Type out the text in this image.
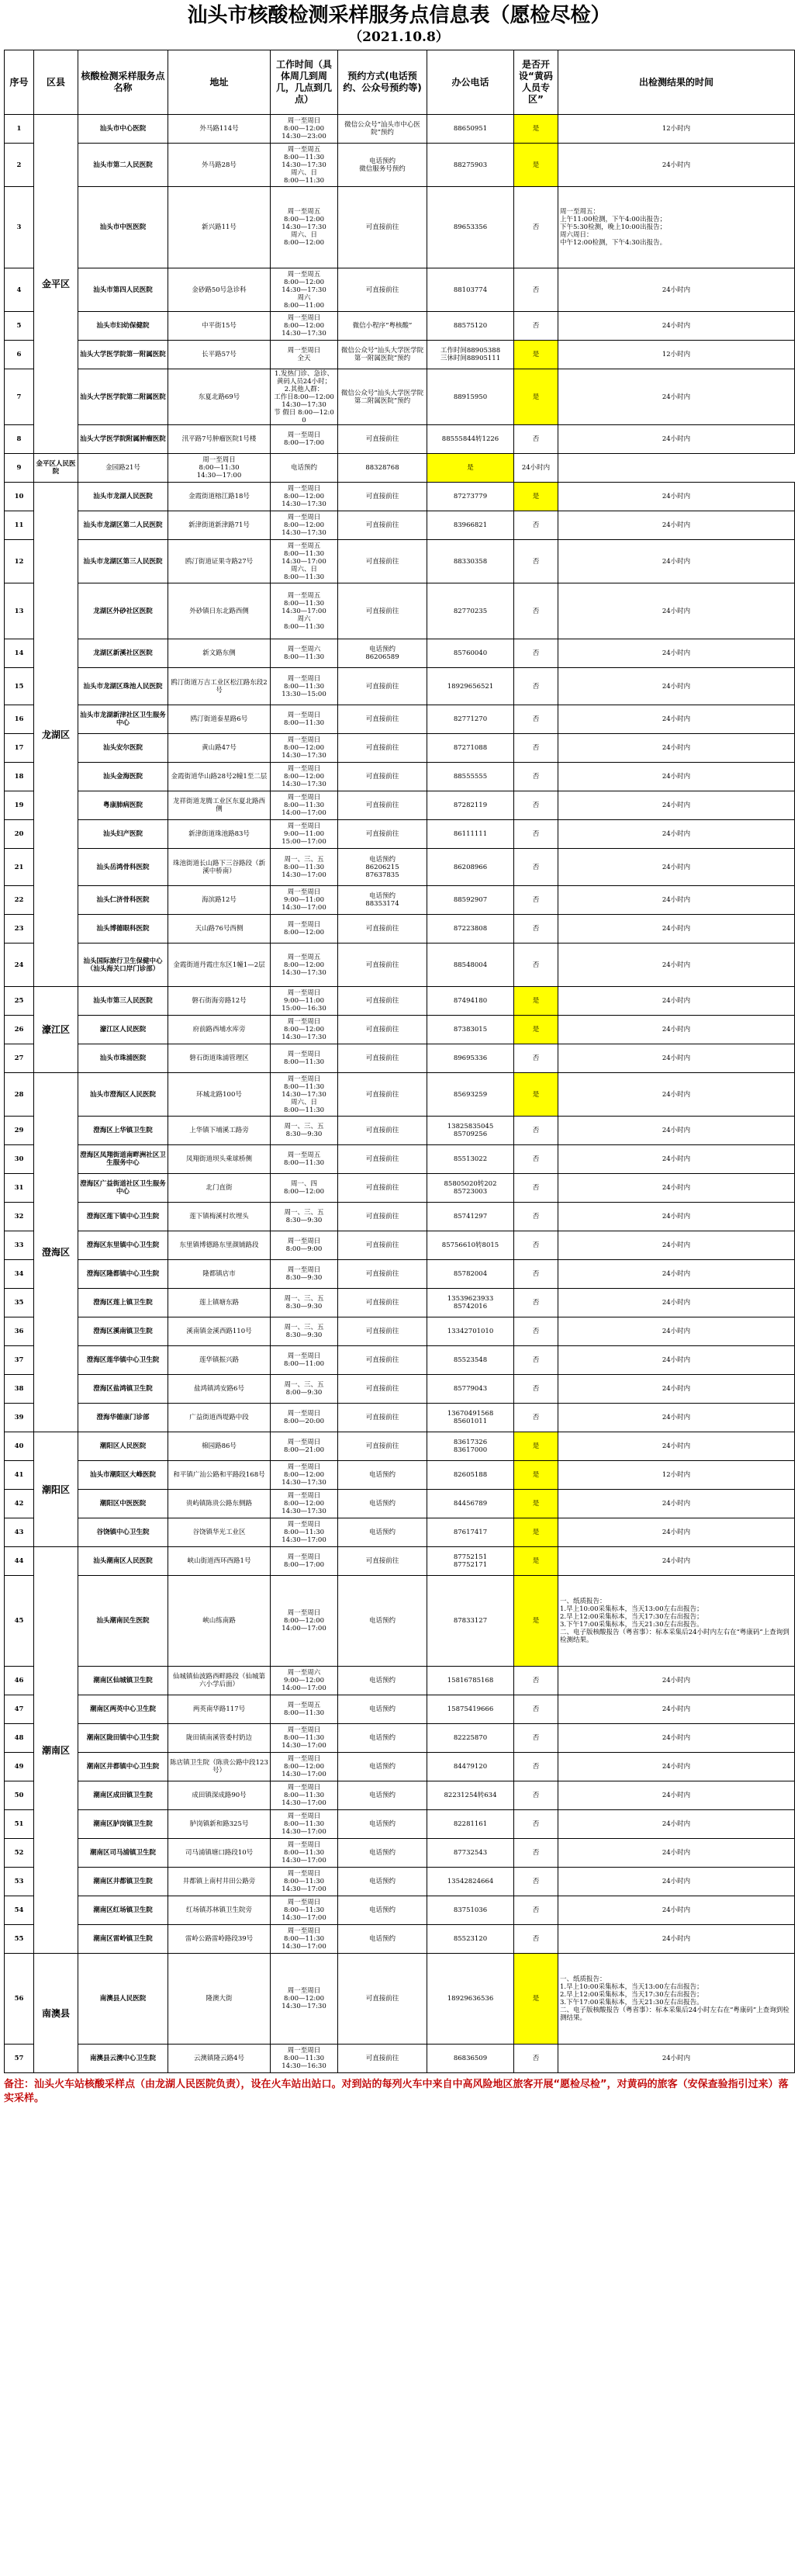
汕头市核酸检测采样服务点信息表（愿检尽检）
（2021.10.8）
序号	区县	核酸检测采样服务点名称	地址	工作时间（具体周几到周几，几点到几点）	预约方式(电话预约、公众号预约等)	办公电话	是否开设“黄码人员专区”	出检测结果的时间
1	金平区	汕头市中心医院	外马路114号	周一至周日
8:00—12:00
14:30—23:00	微信公众号“汕头市中心医院”预约	88650951	是	12小时内
2		汕头市第二人民医院	外马路28号	周一至周五
8:00—11:30
14:30—17:30
周六、日
8:00—11:30	电话预约
微信服务号预约	88275903	是	24小时内
3		汕头市中医医院	新兴路11号	周一至周五
8:00—12:00
14:30—17:30
周六、日
8:00—12:00	可直接前往	89653356	否	周一至周五：
上午11:00检测，下午4:00出报告；
下午5:30检测，晚上10:00出报告；
周六周日：
中午12:00检测，下午4:30出报告。
4		汕头市第四人民医院	金砂路50号急诊科	周一至周五
8:00—12:00
14:30—17:30
周六
8:00—11:00	可直接前往	88103774	否	24小时内
5		汕头市妇幼保健院	中平街15号	周一至周日
8:00—12:00
14:30—17:30	微信小程序“粤核酸”	88575120	否	24小时内
6		汕头大学医学院第一附属医院	长平路57号	周一至周日
全天	微信公众号“汕头大学医学院第一附属医院”预约	工作时间88905388
三休时间88905111	是	12小时内
7		汕头大学医学院第二附属医院	东夏北路69号	1.发热门诊、急诊、黄码人员24小时；
2.其他人群：
工作日8:00—12:00 14:30—17:30
节 假日 8:00—12:00	微信公众号“汕头大学医学院第二附属医院”预约	88915950	是	24小时内
8		汕头大学医学院附属肿瘤医院	汛平路7号肿瘤医院1号楼	周一至周日
8:00—17:00	可直接前往	88555844转1226	否	24小时内
9	金平区人民医院	金园路21号	周一至周日
8:00—11:30
14:30—17:00	电话预约	88328768	是	24小时内	
10	龙湖区	汕头市龙湖人民医院	金霞街道榕江路18号	周一至周日
8:00—12:00
14:30—17:30	可直接前往	87273779	是	24小时内
11		汕头市龙湖区第二人民医院	新津街道新津路71号	周一至周日
8:00—12:00
14:30—17:30	可直接前往	83966821	否	24小时内
12		汕头市龙湖区第三人民医院	鸥汀街道证果寺路27号	周一至周五
8:00—11:30
14:30—17:00
周六、日
8:00—11:30	可直接前往	88330358	否	24小时内
13		龙湖区外砂社区医院	外砂镇日东北路西侧	周一至周五
8:00—11:30
14:30—17:00
周六
8:00—11:30	可直接前往	82770235	否	24小时内
14		龙湖区新溪社区医院	新文路东侧	周一至周六
8:00—11:30	电话预约
86206589	85760040	否	24小时内
15		汕头市龙湖区珠池人民医院	鸥汀街道万吉工业区松江路东段2号	周一至周日
8:00—11:30
13:30—15:00	可直接前往	18929656521	否	24小时内
16		汕头市龙湖新津社区卫生服务中心	鸥汀街道泰星路6号	周一至周日
8:00—11:30	可直接前往	82771270	否	24小时内
17		汕头安尔医院	黄山路47号	周一至周日
8:00—12:00
14:30—17:30	可直接前往	87271088	否	24小时内
18		汕头金海医院	金霞街道华山路28号2幢1至二层	周一至周日
8:00—12:00
14:30—17:30	可直接前往	88555555	否	24小时内
19		粤康肺病医院	龙祥街道龙腾工业区东夏北路西侧	周一至周日
8:00—11:30
14:00—17:00	可直接前往	87282119	否	24小时内
20		汕头妇产医院	新津街道珠池路83号	周一至周日
9:00—11:00
15:00—17:00	可直接前往	86111111	否	24小时内
21		汕头岳鸿骨科医院	珠池街道长山路下三谷路段（新溪中桥南）	周一、三、五
8:00—11:30
14:30—17:00	电话预约
86206215
87637835	86208966	否	24小时内
22		汕头仁济骨科医院	海滨路12号	周一至周日
9:00—11:00
14:30—17:00	电话预约
88353174	88592907	否	24小时内
23		汕头博德眼科医院	天山路76号西侧	周一至周日
8:00—12:00	可直接前往	87223808	否	24小时内
24		汕头国际旅行卫生保健中心（汕头海关口岸门诊部）	金霞街道丹霞庄东区1幢1—2层	周一至周五
8:00—12:00
14:30—17:30	可直接前往	88548004	否	24小时内
25	濠江区	汕头市第三人民医院	磐石街海旁路12号	周一至周日
9:00—11:00
15:00—16:30	可直接前往	87494180	是	24小时内
26		濠江区人民医院	府前路西埔水库旁	周一至周日
8:00—12:00
14:30—17:30	可直接前往	87383015	是	24小时内
27		汕头市珠浦医院	磐石街道珠浦管理区	周一至周日
8:00—11:30	可直接前往	89695336	否	24小时内
28	澄海区	汕头市澄海区人民医院	环城北路100号	周一至周日
8:00—11:30
14:30—17:30
周六、日
8:00—11:30	可直接前往	85693259	是	24小时内
29		澄海区上华镇卫生院	上华镇下埔溪工路旁	周一、三、五
8:30—9:30	可直接前往	13825835045
85709256	否	24小时内
30		澄海区凤翔街道南畔洲社区卫生服务中心	凤翔街道坝头乘球桥侧	周一至周五
8:00—11:30	可直接前往	85513022	否	24小时内
31		澄海区广益街道社区卫生服务中心	北门直街	周一、四
8:00—12:00	可直接前往	85805020转202
85723003	否	24小时内
32		澄海区莲下镇中心卫生院	莲下镇梅溪村坎埋头	周一、三、五
8:30—9:30	可直接前往	85741297	否	24小时内
33		澄海区东里镇中心卫生院	东里镇博德路东里颜铺路段	周一至周日
8:00—9:00	可直接前往	85756610转8015	否	24小时内
34		澄海区隆都镇中心卫生院	隆都镇店市	周一至周日
8:30—9:30	可直接前往	85782004	否	24小时内
35		澄海区莲上镇卫生院	莲上镇塘东路	周一、三、五
8:30—9:30	可直接前往	13539623933
85742016	否	24小时内
36		澄海区溪南镇卫生院	溪南镇金溪西路110号	周一、三、五
8:30—9:30	可直接前往	13342701010	否	24小时内
37		澄海区莲华镇中心卫生院	莲华镇振兴路	周一至周日
8:00—11:00	可直接前往	85523548	否	24小时内
38		澄海区盐鸿镇卫生院	盐鸿镇鸿安路6号	周一、三、五
8:00—9:30	可直接前往	85779043	否	24小时内
39		澄海华德康门诊部	广益街道西堤路中段	周一至周日
8:00—20:00	可直接前往	13670491568
85601011	否	24小时内
40	潮阳区	潮阳区人民医院	棉园路86号	周一至周日
8:00—21:00	可直接前往	83617326
83617000	是	24小时内
41		汕头市潮阳区大峰医院	和平镇广汕公路和平路段168号	周一至周日
8:00—12:00
14:30—17:30	电话预约	82605188	是	12小时内
42		潮阳区中医医院	贵屿镇陈贵公路东侧路	周一至周日
8:00—12:00
14:30—17:30	电话预约	84456789	是	24小时内
43		谷饶镇中心卫生院	谷饶镇华光工业区	周一至周日
8:00—11:30
14:30—17:00	电话预约	87617417	是	24小时内
44	潮南区	汕头潮南区人民医院	峡山街道西环西路1号	周一至周日
8:00—17:00	可直接前往	87752151
87752171	是	24小时内
45		汕头潮南民生医院	峡山练南路	周一至周日
8:00—12:00
14:00—17:00	电话预约	87833127	是	一、纸质报告：
1.早上10:00采集标本，当天13:00左右出报告；
2.早上12:00采集标本，当天17:30左右出报告；
3.下午17:00采集标本，当天21:30左右出报告。
二、电子版核酸报告（粤省事）：标本采集后24小时内左右在“粤康码”上查询到检测结果。
46		潮南区仙城镇卫生院	仙城镇仙波路西畔路段（仙城第六小学后面）	周一至周六
9:00—12:00
14:00—17:00	电话预约	15816785168	否	24小时内
47		潮南区两英中心卫生院	两英南华路117号	周一至周五
8:00—11:30	电话预约	15875419666	否	24小时内
48		潮南区陇田镇中心卫生院	陇田镇南溪管委村奶边	周一至周日
8:00—11:30
14:30—17:00	电话预约	82225870	否	24小时内
49		潮南区井都镇中心卫生院	陈店镇卫生院（陈贵公路中段123号）	周一至周日
8:00—12:00
14:30—17:00	电话预约	84479120	否	24小时内
50		潮南区成田镇卫生院	成田镇深成路90号	周一至周日
8:00—11:30
14:30—17:00	电话预约	82231254转634	否	24小时内
51		潮南区胪岗镇卫生院	胪岗镇新和路325号	周一至周日
8:00—11:30
14:30—17:00	电话预约	82281161	否	24小时内
52		潮南区司马浦镇卫生院	司马浦镇塘口路段10号	周一至周日
8:00—11:30
14:30—17:00	电话预约	87732543	否	24小时内
53		潮南区井都镇卫生院	井都镇上南村井田公路旁	周一至周日
8:00—11:30
14:30—17:00	电话预约	13542824664	否	24小时内
54		潮南区红场镇卫生院	红场镇苏林镇卫生院旁	周一至周日
8:00—11:30
14:30—17:00	电话预约	83751036	否	24小时内
55		潮南区雷岭镇卫生院	雷岭公路雷岭路段39号	周一至周日
8:00—11:30
14:30—17:00	电话预约	85523120	否	24小时内
56	南澳县	南澳县人民医院	隆澳大街	周一至周日
8:00—12:00
14:30—17:30	可直接前往	18929636536	是	一、纸质报告：
1.早上10:00采集标本，当天13:00左右出报告；
2.早上12:00采集标本，当天17:30左右出报告；
3.下午17:00采集标本，当天21:30左右出报告。
二、电子版核酸报告（粤省事）：标本采集后24小时左右在“粤康码”上查询到检测结果。
57		南澳县云澳中心卫生院	云澳镇隆云路4号	周一至周日
8:00—11:30
14:30—16:30	可直接前往	86836509	否	24小时内
备注：汕头火车站核酸采样点（由龙湖人民医院负责），设在火车站出站口。对到站的每列火车中来自中高风险地区旅客开展“愿检尽检”，对黄码的旅客（安保查验指引过来）落实采样。
